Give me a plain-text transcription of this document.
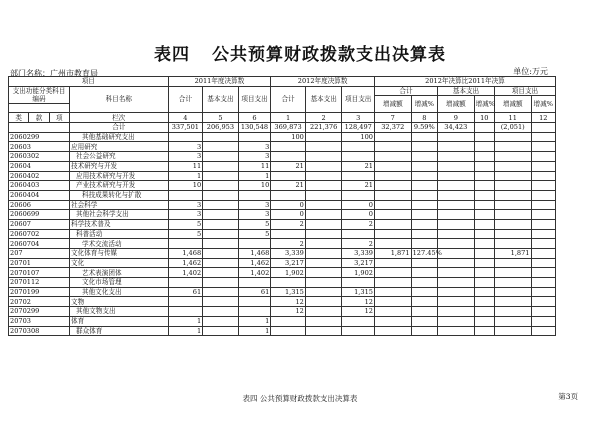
表四 公共预算财政拨款支出决算表
部门名称：广州市教育局	单位:万元
项目				2011年度决算数			2012年度决算数			2012年决算比2011年决算					
支出功能分类科目编码			科目名称	合计	基本支出	项目支出	合计	基本支出	项目支出	合计		基本支出		项目支出	
										增减额	增减%	增减额	增减%	增减额	增减%

类	款	项	栏次	4	5	6	1	2	3	7	8	9	10	11	12
			合计	337,501	206,953	130,548	369,873	221,376	128,497	32,372	9.59%	34,423		(2,051)	
2060299			其他基础研究支出				100		100						
20603			应用研究	3		3									
2060302			社会公益研究	3		3									
20604			技术研究与开发	11		11	21		21						
2060402			应用技术研究与开发	1		1									
2060403			产业技术研究与开发	10		10	21		21						
2060404			科技成果转化与扩散												
20606			社会科学	3		3	0		0						
2060699			其他社会科学支出	3		3	0		0						
20607			科学技术普及	5		5	2		2						
2060702			科普活动	5		5									
2060704			学术交流活动				2		2						
207			文化体育与传媒	1,468		1,468	3,339		3,339	1,871	127.45%			1,871	
20701			文化	1,462		1,462	3,217		3,217						
2070107			艺术表演团体	1,402		1,402	1,902		1,902						
2070112			文化市场管理												
2070199			其他文化支出	61		61	1,315		1,315						
20702			文物				12		12						
2070299			其他文物支出				12		12						
20703			体育	1		1									
2070308			群众体育	1		1									
表四 公共预算财政拨款支出决算表	第3页
